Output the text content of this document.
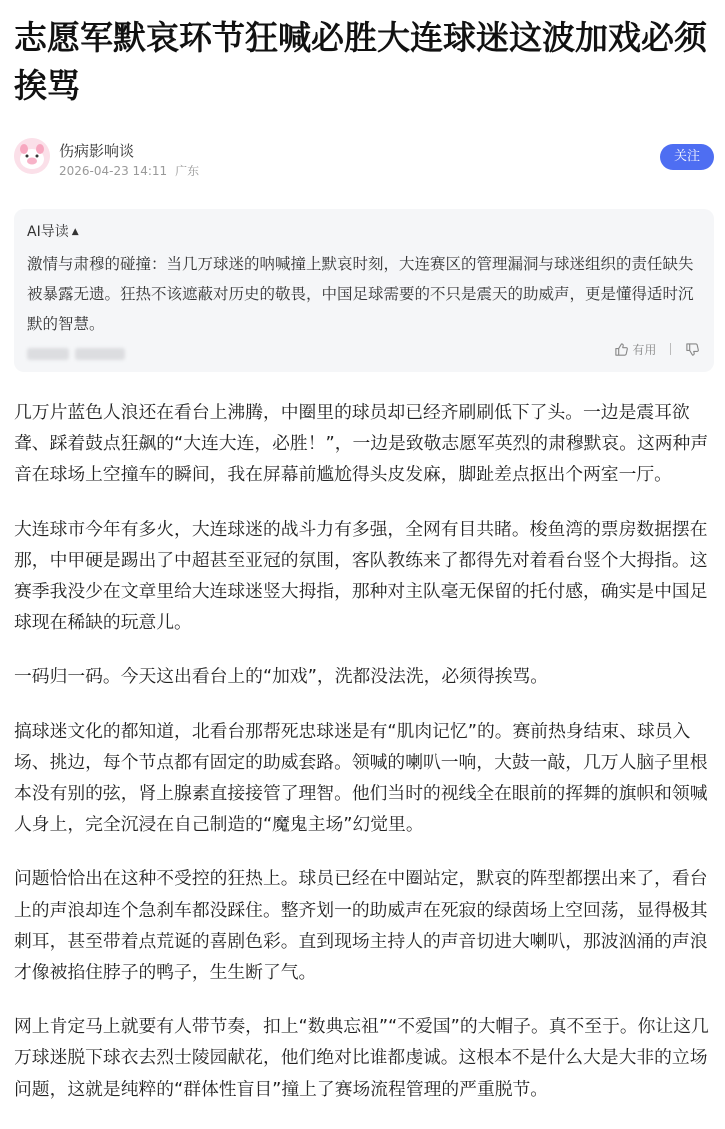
志愿军默哀环节狂喊必胜大连球迷这波加戏必须挨骂
伤病影响谈
2026-04-23 14:11 广东
关注
AI导读 ▲
激情与肃穆的碰撞：当几万球迷的呐喊撞上默哀时刻，大连赛区的管理漏洞与球迷组织的责任缺失被暴露无遗。狂热不该遮蔽对历史的敬畏，中国足球需要的不只是震天的助威声，更是懂得适时沉默的智慧。
有用

几万片蓝色人浪还在看台上沸腾，中圈里的球员却已经齐刷刷低下了头。一边是震耳欲聋、踩着鼓点狂飙的“大连大连，必胜！”，一边是致敬志愿军英烈的肃穆默哀。这两种声音在球场上空撞车的瞬间，我在屏幕前尴尬得头皮发麻，脚趾差点抠出个两室一厅。

大连球市今年有多火，大连球迷的战斗力有多强，全网有目共睹。梭鱼湾的票房数据摆在那，中甲硬是踢出了中超甚至亚冠的氛围，客队教练来了都得先对着看台竖个大拇指。这赛季我没少在文章里给大连球迷竖大拇指，那种对主队毫无保留的托付感，确实是中国足球现在稀缺的玩意儿。

一码归一码。今天这出看台上的“加戏”，洗都没法洗，必须得挨骂。

搞球迷文化的都知道，北看台那帮死忠球迷是有“肌肉记忆”的。赛前热身结束、球员入场、挑边，每个节点都有固定的助威套路。领喊的喇叭一响，大鼓一敲，几万人脑子里根本没有别的弦，肾上腺素直接接管了理智。他们当时的视线全在眼前的挥舞的旗帜和领喊人身上，完全沉浸在自己制造的“魔鬼主场”幻觉里。

问题恰恰出在这种不受控的狂热上。球员已经在中圈站定，默哀的阵型都摆出来了，看台上的声浪却连个急刹车都没踩住。整齐划一的助威声在死寂的绿茵场上空回荡，显得极其刺耳，甚至带着点荒诞的喜剧色彩。直到现场主持人的声音切进大喇叭，那波汹涌的声浪才像被掐住脖子的鸭子，生生断了气。

网上肯定马上就要有人带节奏，扣上“数典忘祖”“不爱国”的大帽子。真不至于。你让这几万球迷脱下球衣去烈士陵园献花，他们绝对比谁都虔诚。这根本不是什么大是大非的立场问题，这就是纯粹的“群体性盲目”撞上了赛场流程管理的严重脱节。
